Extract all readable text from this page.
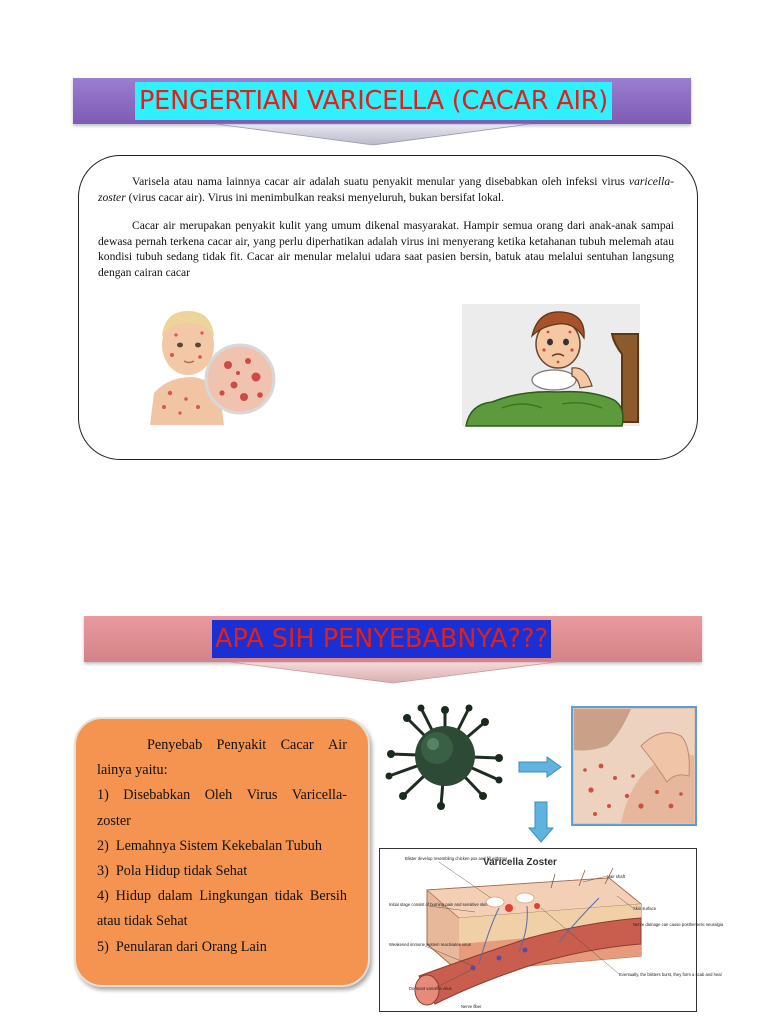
PENGERTIAN VARICELLA (CACAR AIR)

Varisela atau nama lainnya cacar air adalah suatu penyakit menular yang disebabkan oleh infeksi virus varicella-zoster (virus cacar air). Virus ini menimbulkan reaksi menyeluruh, bukan bersifat lokal.

Cacar air merupakan penyakit kulit yang umum dikenal masyarakat. Hampir semua orang dari anak-anak sampai dewasa pernah terkena cacar air, yang perlu diperhatikan adalah virus ini menyerang ketika ketahanan tubuh melemah atau kondisi tubuh sedang tidak fit. Cacar air menular melalui udara saat pasien bersin, batuk atau melalui sentuhan langsung dengan cairan cacar

APA SIH PENYEBABNYA???
Penyebab Penyakit Cacar Air
lainya yaitu:
1) Disebabkan Oleh Virus Varicella-
zoster
2)  Lemahnya Sistem Kekebalan Tubuh
3)  Pola Hidup tidak Sehat
4) Hidup dalam Lingkungan tidak Bersih
atau tidak Sehat
5)  Penularan dari Orang Lain
Varicella Zoster
Blister develop resembling chicken pox and fill with pus
Hair shaft
Skin surface
Initial stage consist of burning pain and sensitive skin
Nerve damage can cause postherpetic neuralgia
Weakened immune system reactivates virus
Dormant varicella virus
Eventually, the blisters burst, they form a scab and heal
Nerve fiber
